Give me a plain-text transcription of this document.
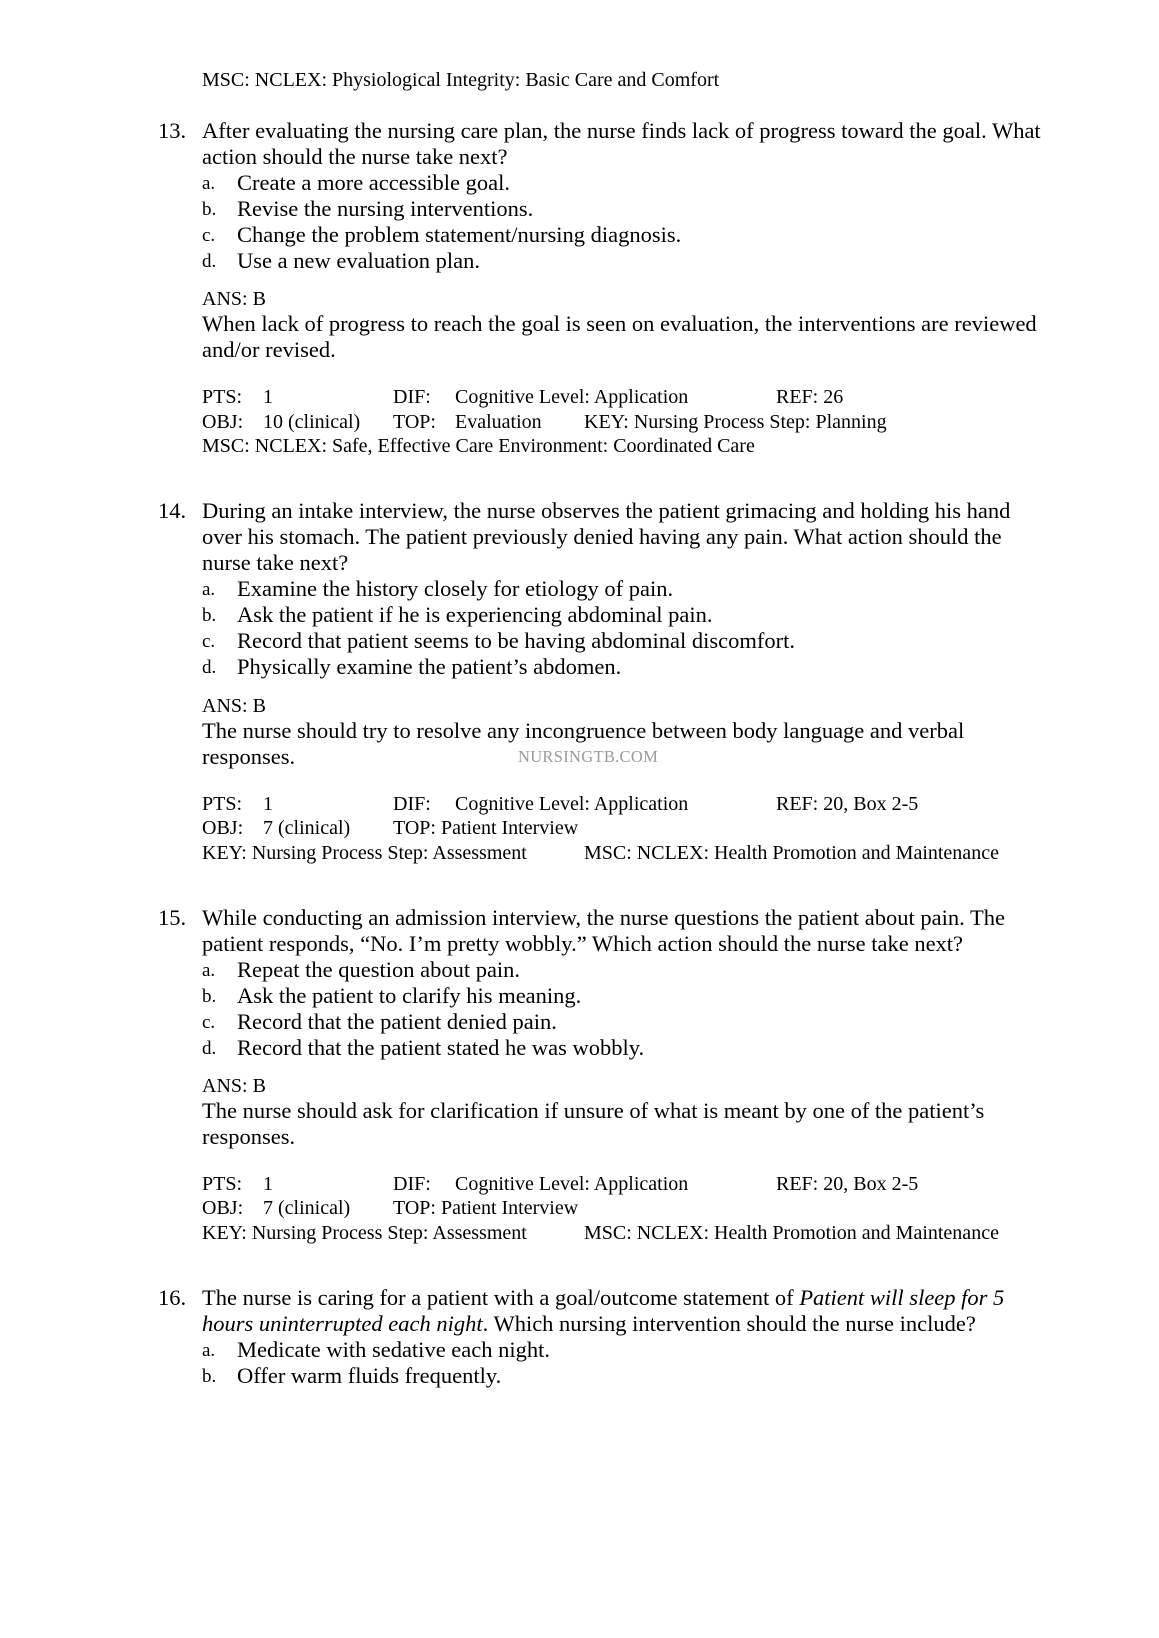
MSC: NCLEX: Physiological Integrity: Basic Care and Comfort
13. After evaluating the nursing care plan, the nurse finds lack of progress toward the goal. What
action should the nurse take next?
a. Create a more accessible goal.
b. Revise the nursing interventions.
c. Change the problem statement/nursing diagnosis.
d. Use a new evaluation plan.
ANS: B
When lack of progress to reach the goal is seen on evaluation, the interventions are reviewed
and/or revised.
PTS: 1	DIF: Cognitive Level: Application	REF: 26
OBJ: 10 (clinical) TOP: Evaluation KEY: Nursing Process Step: Planning
MSC: NCLEX: Safe, Effective Care Environment: Coordinated Care
14. During an intake interview, the nurse observes the patient grimacing and holding his hand
over his stomach. The patient previously denied having any pain. What action should the
nurse take next?
a. Examine the history closely for etiology of pain.
b. Ask the patient if he is experiencing abdominal pain.
c. Record that patient seems to be having abdominal discomfort.
d. Physically examine the patient’s abdomen.
ANS: B
The nurse should try to resolve any incongruence between body language and verbal
responses.	NURSINGTB.COM
PTS: 1	DIF: Cognitive Level: Application	REF: 20, Box 2-5
OBJ: 7 (clinical) TOP: Patient Interview
KEY: Nursing Process Step: Assessment	MSC: NCLEX: Health Promotion and Maintenance
15. While conducting an admission interview, the nurse questions the patient about pain. The
patient responds, “No. I’m pretty wobbly.” Which action should the nurse take next?
a. Repeat the question about pain.
b. Ask the patient to clarify his meaning.
c. Record that the patient denied pain.
d. Record that the patient stated he was wobbly.
ANS: B
The nurse should ask for clarification if unsure of what is meant by one of the patient’s
responses.
PTS: 1	DIF: Cognitive Level: Application	REF: 20, Box 2-5
OBJ: 7 (clinical) TOP: Patient Interview
KEY: Nursing Process Step: Assessment	MSC: NCLEX: Health Promotion and Maintenance
16. The nurse is caring for a patient with a goal/outcome statement of Patient will sleep for 5
hours uninterrupted each night. Which nursing intervention should the nurse include?
a. Medicate with sedative each night.
b. Offer warm fluids frequently.
